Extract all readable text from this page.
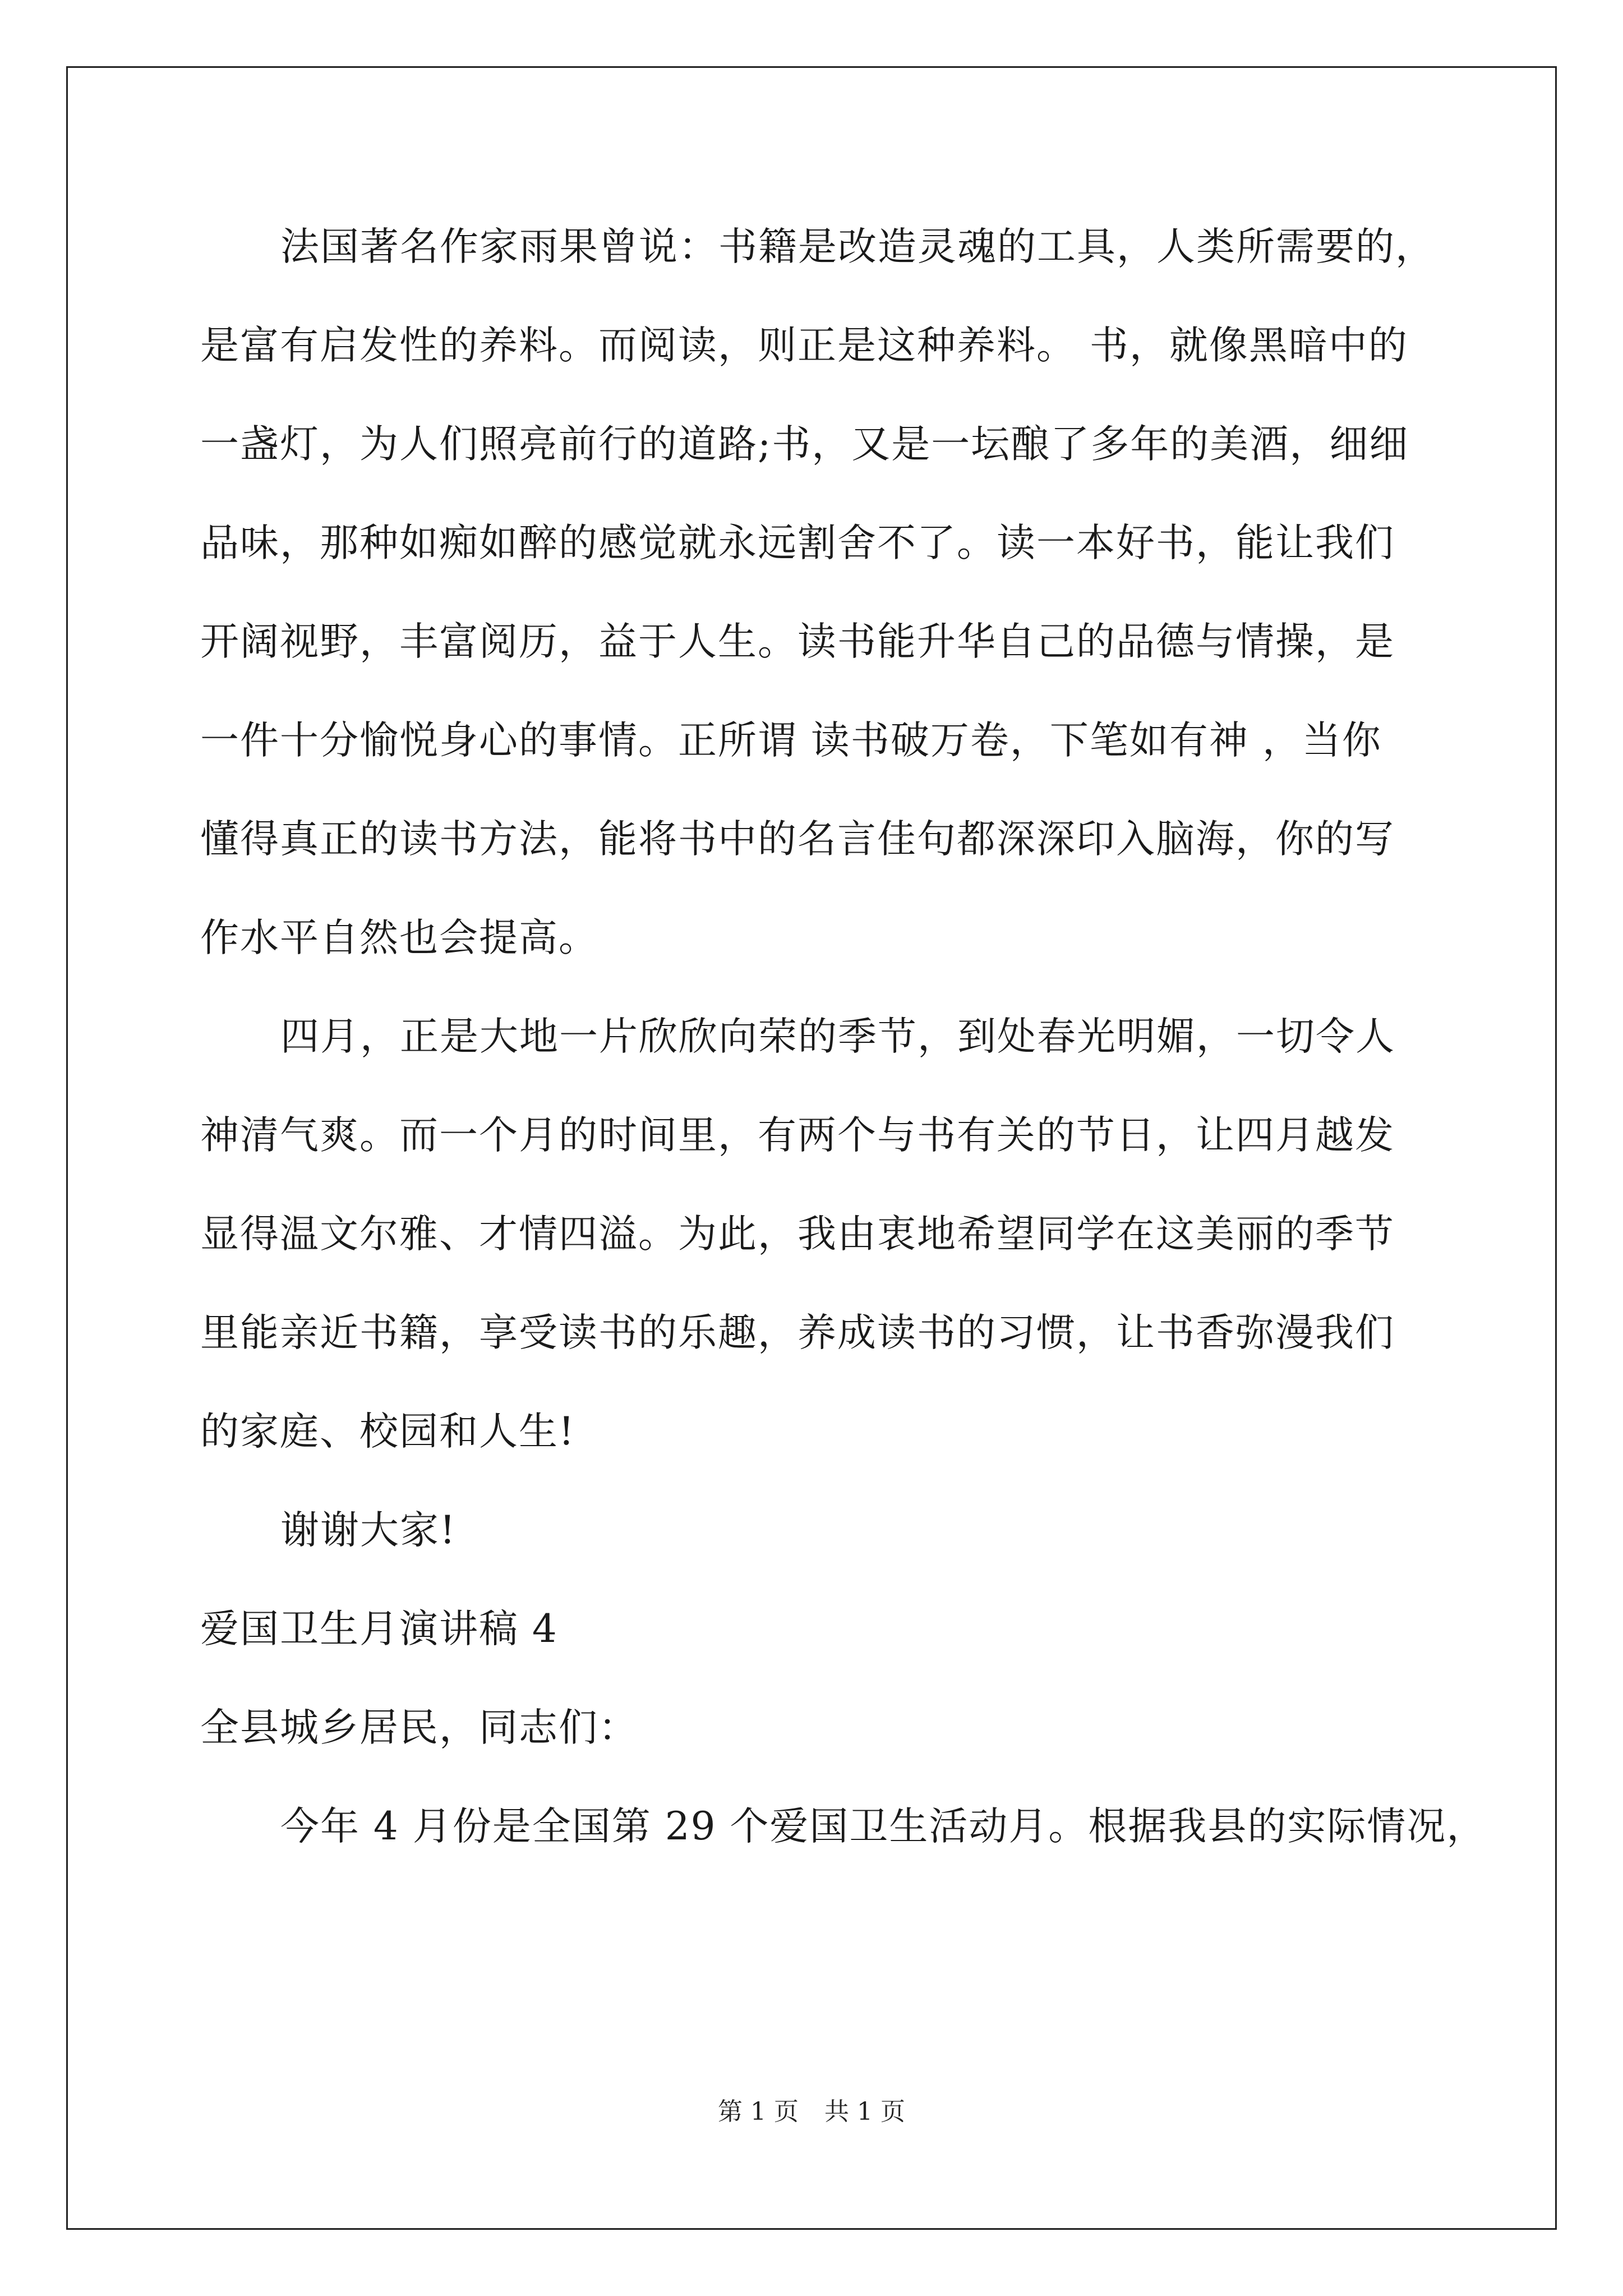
法国著名作家雨果曾说：书籍是改造灵魂的工具，人类所需要的，
是富有启发性的养料。而阅读，则正是这种养料。 书，就像黑暗中的
一盏灯，为人们照亮前行的道路;书，又是一坛酿了多年的美酒，细细
品味，那种如痴如醉的感觉就永远割舍不了。读一本好书，能让我们
开阔视野，丰富阅历，益于人生。读书能升华自己的品德与情操，是
一件十分愉悦身心的事情。正所谓 读书破万卷，下笔如有神 ，当你
懂得真正的读书方法，能将书中的名言佳句都深深印入脑海，你的写
作水平自然也会提高。
四月，正是大地一片欣欣向荣的季节，到处春光明媚，一切令人
神清气爽。而一个月的时间里，有两个与书有关的节日，让四月越发
显得温文尔雅、才情四溢。为此，我由衷地希望同学在这美丽的季节
里能亲近书籍，享受读书的乐趣，养成读书的习惯，让书香弥漫我们
的家庭、校园和人生!
谢谢大家!
爱国卫生月演讲稿 4
全县城乡居民，同志们：
今年 4 月份是全国第 29 个爱国卫生活动月。根据我县的实际情况，
第 1 页 共 1 页
